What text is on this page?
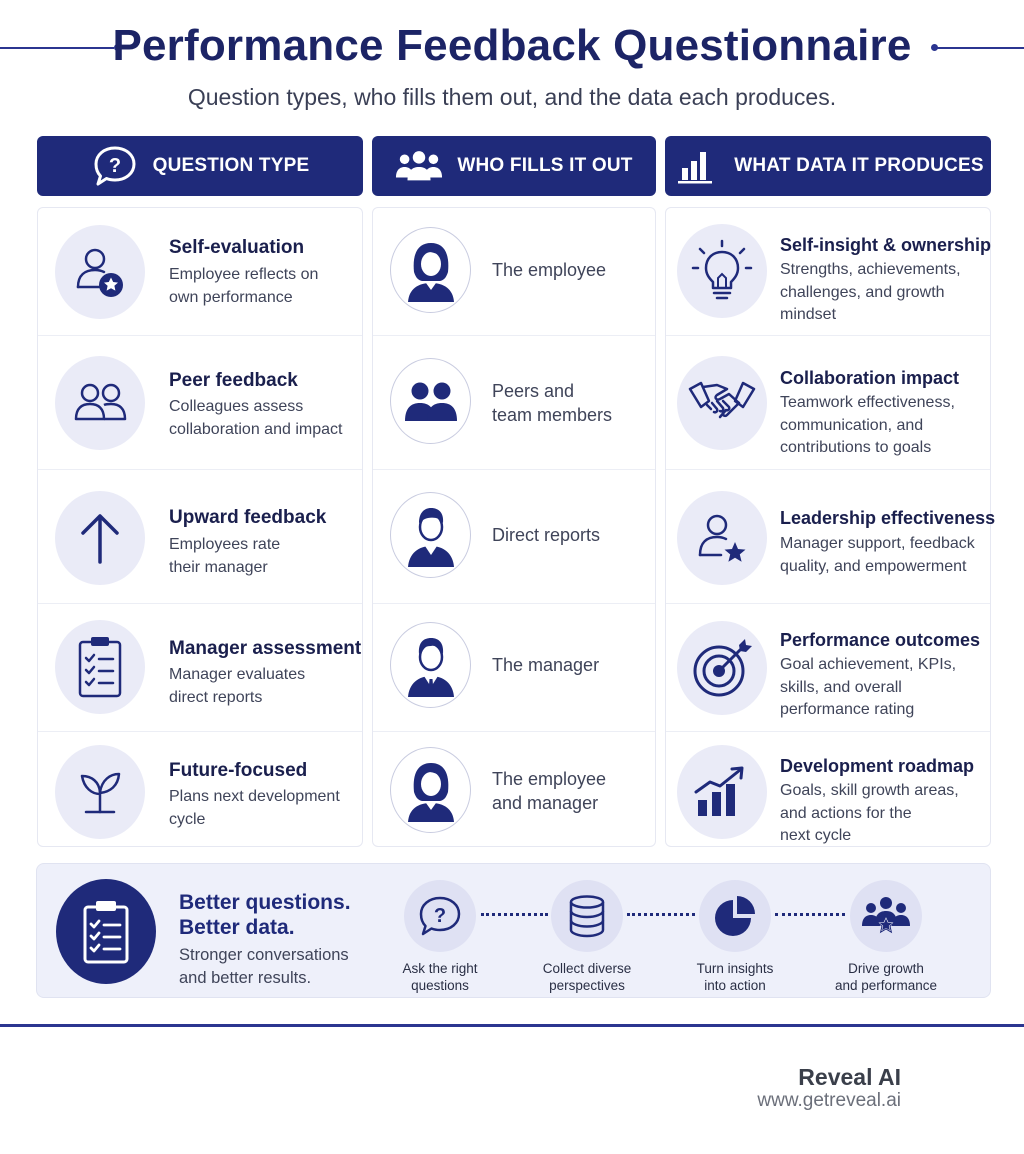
Performance Feedback Questionnaire
Question types, who fills them out, and the data each produces.
? QUESTION TYPE	WHO FILLS IT OUT	WHAT DATA IT PRODUCES
Self-evaluation
Employee reflects on
own performance
Peer feedback
Colleagues assess
collaboration and impact
Upward feedback
Employees rate
their manager
Manager assessment
Manager evaluates
direct reports
Future-focused
Plans next development
cycle
The employee
Peers and
team members
Direct reports
The manager
The employee
and manager
Self-insight & ownership
Strengths, achievements,
challenges, and growth
mindset
Collaboration impact
Teamwork effectiveness,
communication, and
contributions to goals
Leadership effectiveness
Manager support, feedback
quality, and empowerment
Performance outcomes
Goal achievement, KPIs,
skills, and overall
performance rating
Development roadmap
Goals, skill growth areas,
and actions for the
next cycle
Better questions.
Better data.
Stronger conversations
and better results.
?
Ask the right
questions
Collect diverse
perspectives
Turn insights
into action
Drive growth
and performance
Reveal AI
www.getreveal.ai
